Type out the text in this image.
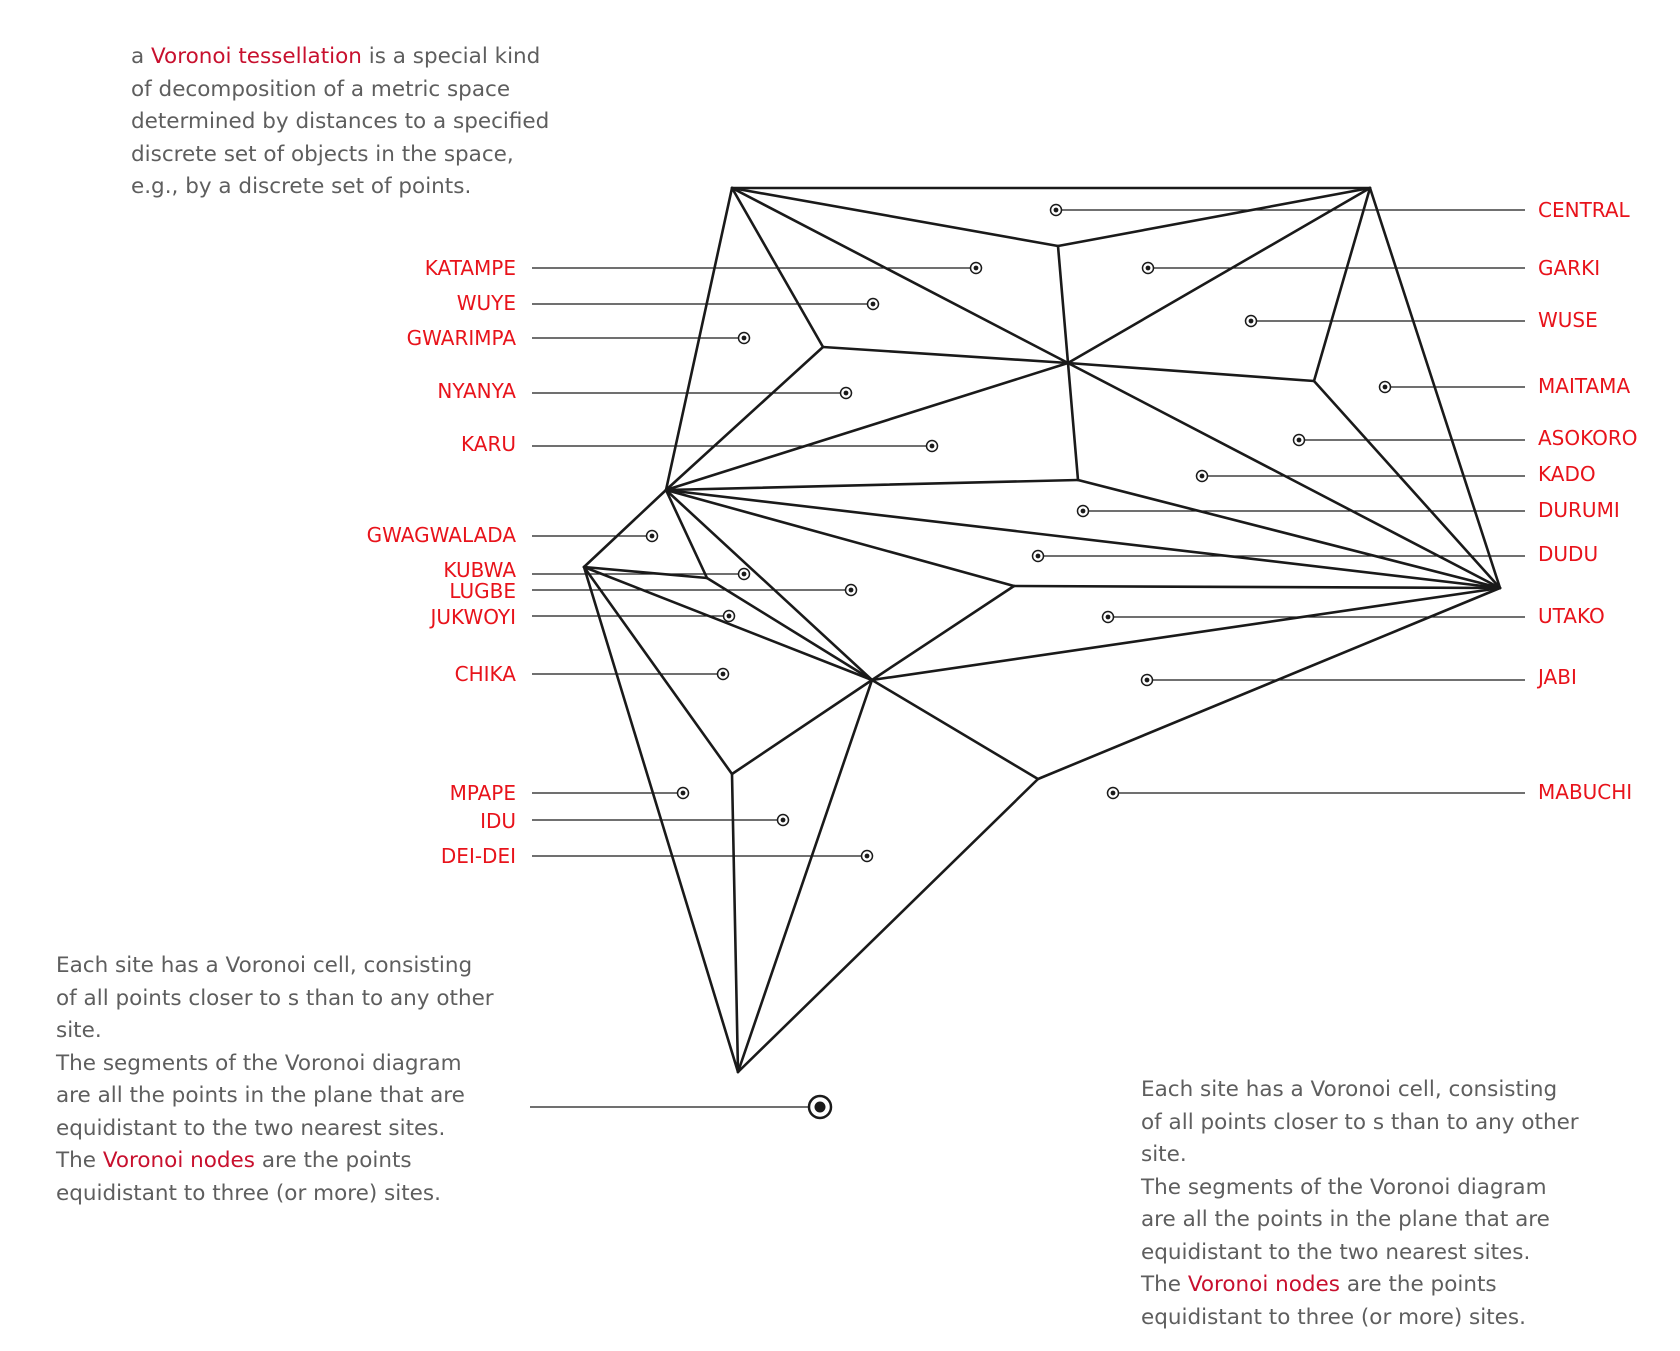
KATAMPE
WUYE
GWARIMPA
NYANYA
KARU
GWAGWALADA
KUBWA
LUGBE
JUKWOYI
CHIKA
MPAPE
IDU
DEI-DEI
CENTRAL
GARKI
WUSE
MAITAMA
ASOKORO
KADO
DURUMI
DUDU
UTAKO
JABI
MABUCHI

a Voronoi tessellation is a special kind
of decomposition of a metric space
determined by distances to a specified
discrete set of objects in the space,
e.g., by a discrete set of points.

Each site has a Voronoi cell, consisting
of all points closer to s than to any other
site.
The segments of the Voronoi diagram
are all the points in the plane that are
equidistant to the two nearest sites.
The Voronoi nodes are the points
equidistant to three (or more) sites.

Each site has a Voronoi cell, consisting
of all points closer to s than to any other
site.
The segments of the Voronoi diagram
are all the points in the plane that are
equidistant to the two nearest sites.
The Voronoi nodes are the points
equidistant to three (or more) sites.
